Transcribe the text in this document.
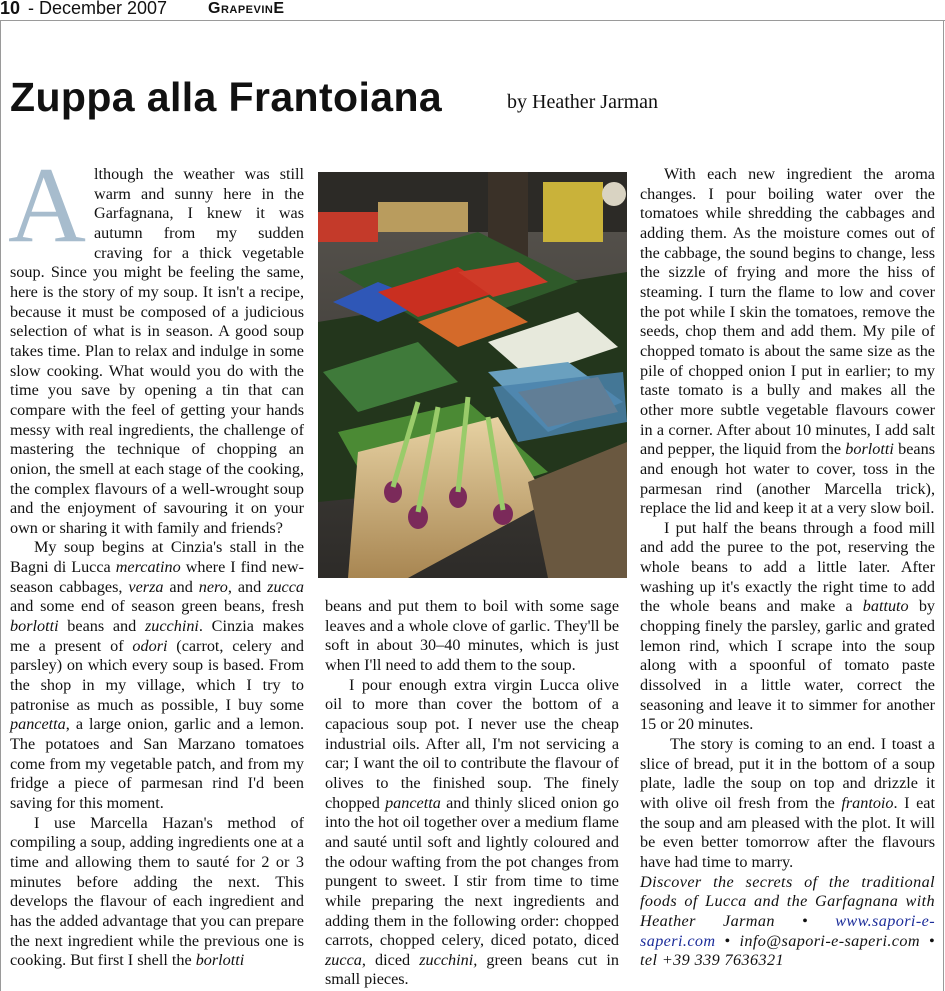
10 - December 2007	GrapevinE
Zuppa alla Frantoiana	by Heather Jarman

Although the weather was still warm and sunny here in the Garfagnana, I knew it was autumn from my sudden craving for a thick vegetable soup. Since you might be feeling the same, here is the story of my soup. It isn't a recipe, because it must be composed of a judicious selection of what is in season. A good soup takes time. Plan to relax and indulge in some slow cooking. What would you do with the time you save by opening a tin that can compare with the feel of getting your hands messy with real ingredients, the challenge of mastering the technique of chopping an onion, the smell at each stage of the cooking, the complex flavours of a well-wrought soup and the enjoyment of savouring it on your own or sharing it with family and friends?

My soup begins at Cinzia's stall in the Bagni di Lucca mercatino where I find new-season cabbages, verza and nero, and zucca and some end of season green beans, fresh borlotti beans and zucchini. Cinzia makes me a present of odori (carrot, celery and parsley) on which every soup is based. From the shop in my village, which I try to patronise as much as possible, I buy some pancetta, a large onion, garlic and a lemon. The potatoes and San Marzano tomatoes come from my vegetable patch, and from my fridge a piece of parmesan rind I'd been saving for this moment.

I use Marcella Hazan's method of compiling a soup, adding ingredients one at a time and allowing them to sauté for 2 or 3 minutes before adding the next. This develops the flavour of each ingredient and has the added advantage that you can prepare the next ingredient while the previous one is cooking. But first I shell the borlotti

beans and put them to boil with some sage leaves and a whole clove of garlic. They'll be soft in about 30–40 minutes, which is just when I'll need to add them to the soup.

I pour enough extra virgin Lucca olive oil to more than cover the bottom of a capacious soup pot. I never use the cheap industrial oils. After all, I'm not servicing a car; I want the oil to contribute the flavour of olives to the finished soup. The finely chopped pancetta and thinly sliced onion go into the hot oil together over a medium flame and sauté until soft and lightly coloured and the odour wafting from the pot changes from pungent to sweet. I stir from time to time while preparing the next ingredients and adding them in the following order: chopped carrots, chopped celery, diced potato, diced zucca, diced zucchini, green beans cut in small pieces.

With each new ingredient the aroma changes. I pour boiling water over the tomatoes while shredding the cabbages and adding them. As the moisture comes out of the cabbage, the sound begins to change, less the sizzle of frying and more the hiss of steaming. I turn the flame to low and cover the pot while I skin the tomatoes, remove the seeds, chop them and add them. My pile of chopped tomato is about the same size as the pile of chopped onion I put in earlier; to my taste tomato is a bully and makes all the other more subtle vegetable flavours cower in a corner. After about 10 minutes, I add salt and pepper, the liquid from the borlotti beans and enough hot water to cover, toss in the parmesan rind (another Marcella trick), replace the lid and keep it at a very slow boil.

I put half the beans through a food mill and add the puree to the pot, reserving the whole beans to add a little later. After washing up it's exactly the right time to add the whole beans and make a battuto by chopping finely the parsley, garlic and grated lemon rind, which I scrape into the soup along with a spoonful of tomato paste dissolved in a little water, correct the seasoning and leave it to simmer for another 15 or 20 minutes.

The story is coming to an end. I toast a slice of bread, put it in the bottom of a soup plate, ladle the soup on top and drizzle it with olive oil fresh from the frantoio. I eat the soup and am pleased with the plot. It will be even better tomorrow after the flavours have had time to marry.

Discover the secrets of the traditional foods of Lucca and the Garfagnana with Heather Jarman • www.sapori-e-saperi.com • info@sapori-e-saperi.com • tel +39 339 7636321
